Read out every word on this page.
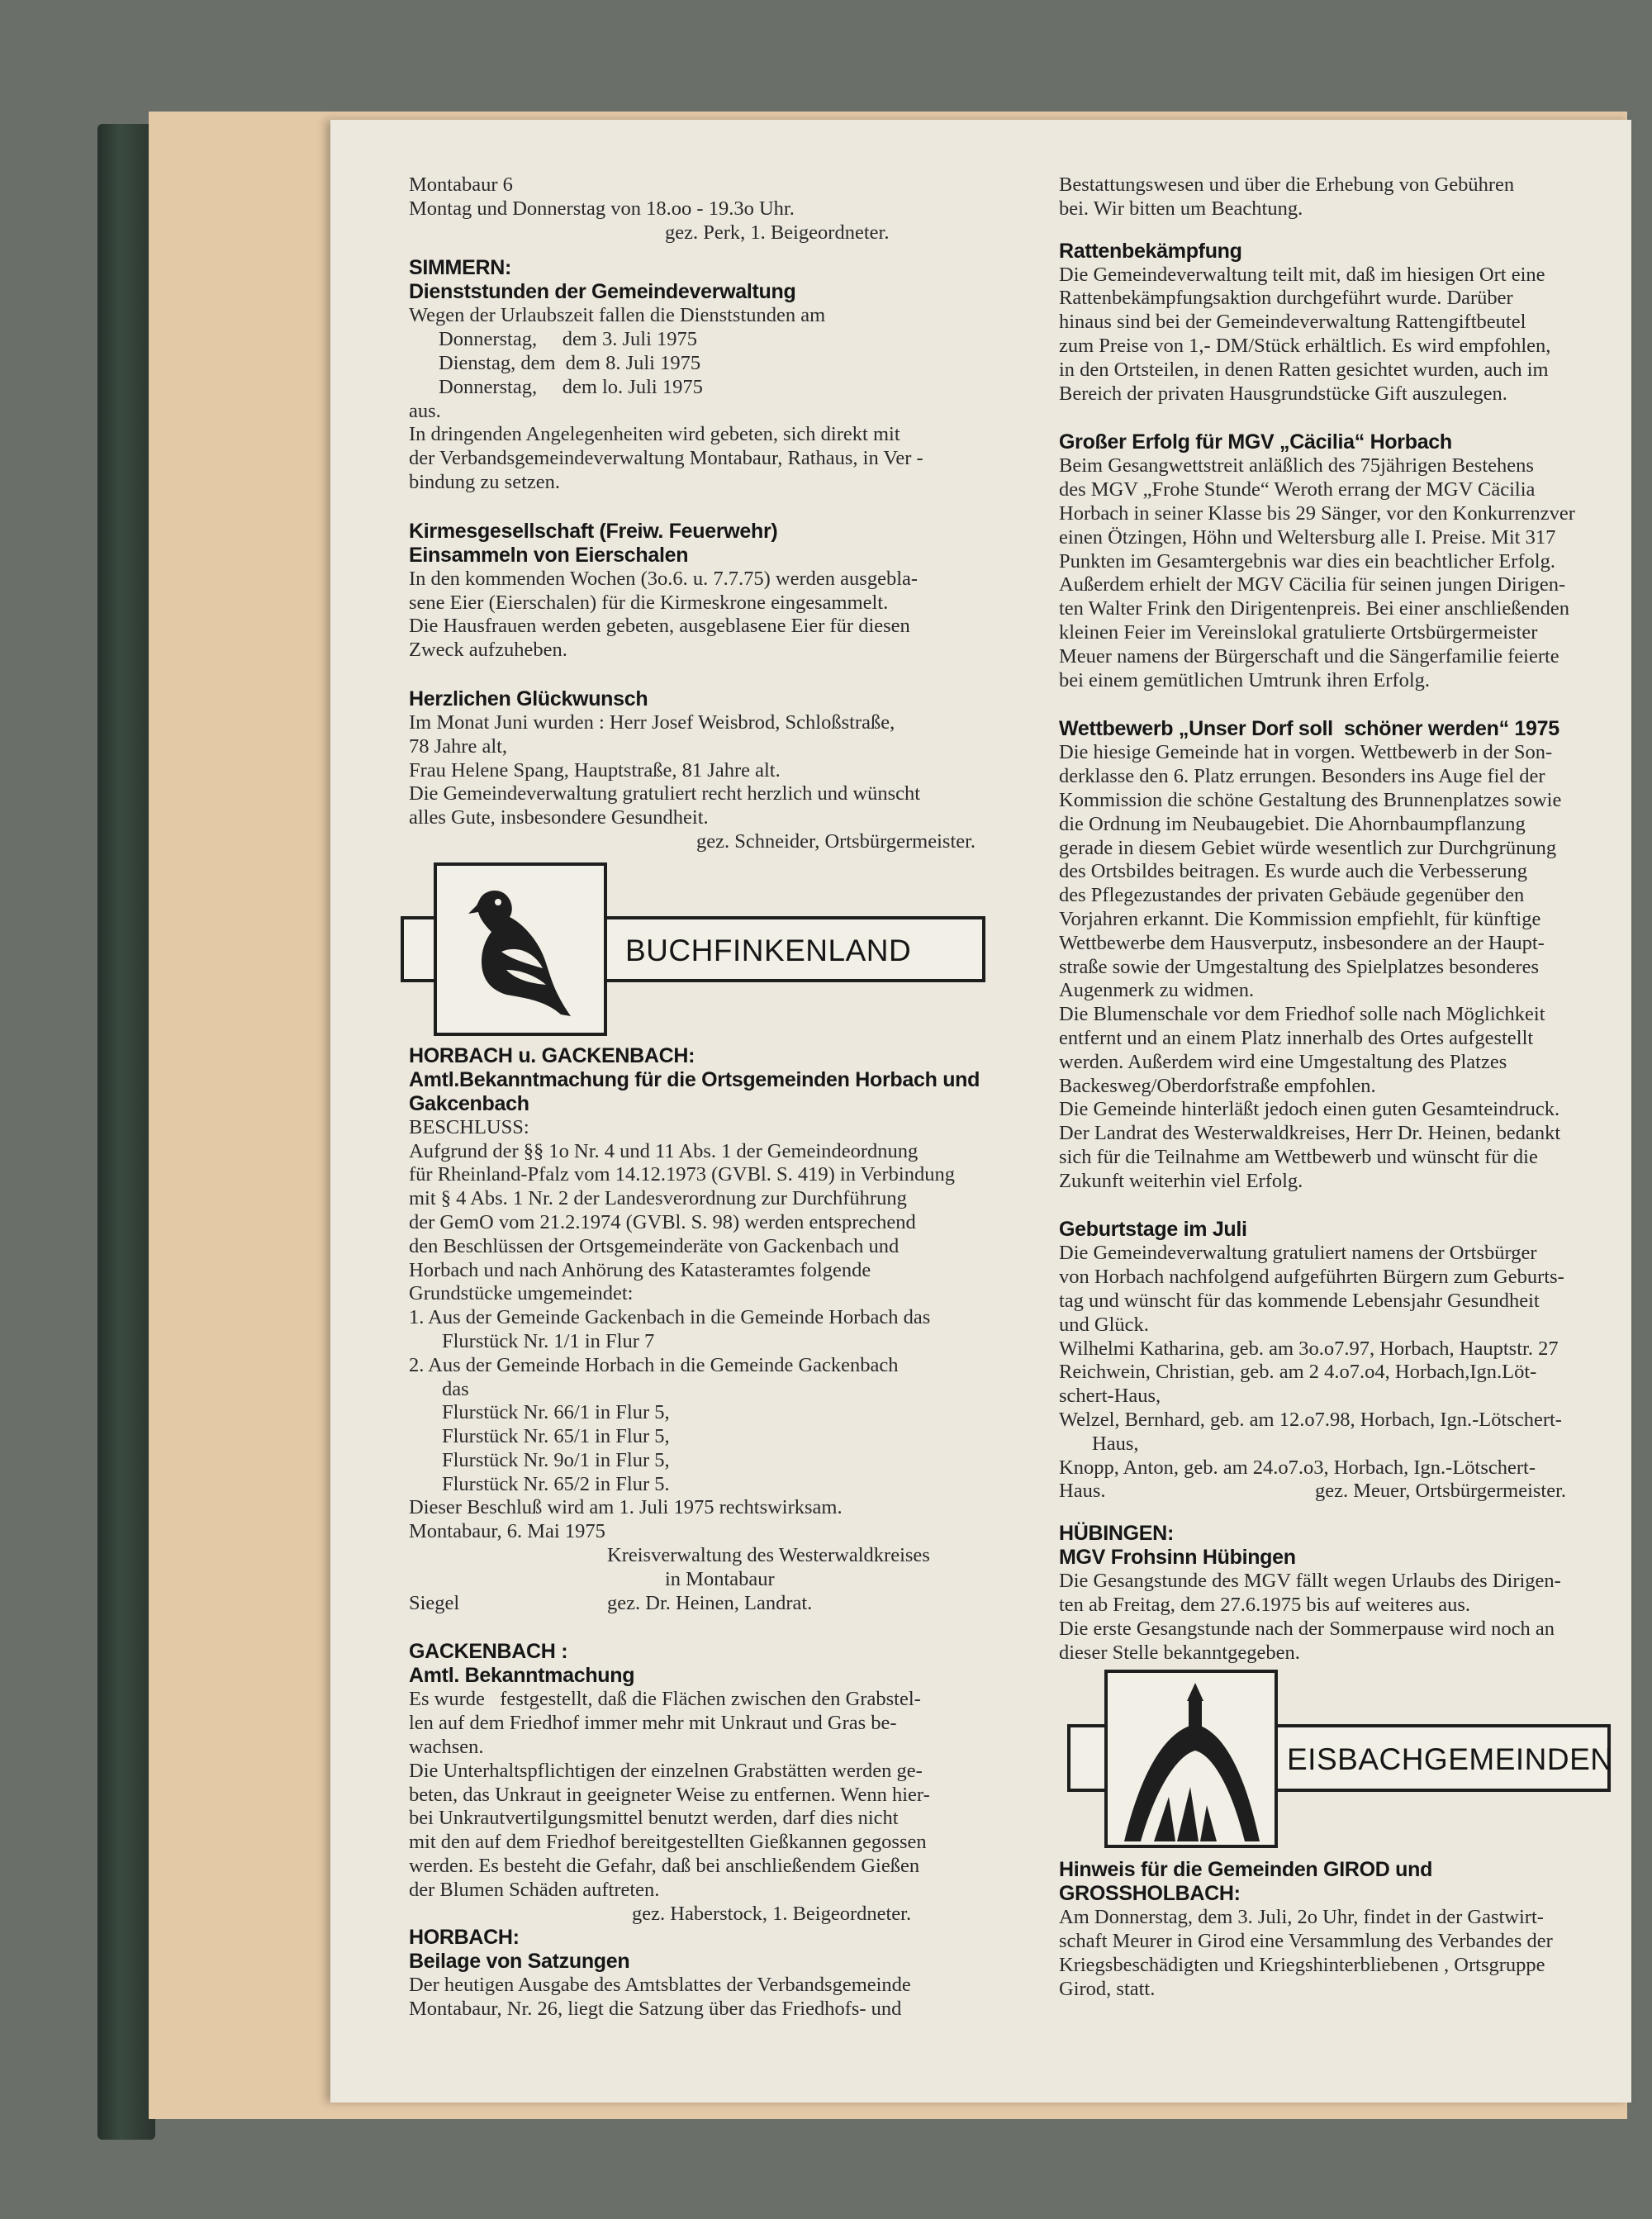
Montabaur 6

Montag und Donnerstag von 18.oo - 19.3o Uhr.

gez. Perk, 1. Beigeordneter.

SIMMERN:

Dienststunden der Gemeindeverwaltung

Wegen der Urlaubszeit fallen die Dienststunden am

Donnerstag,     dem 3. Juli 1975

Dienstag, dem  dem 8. Juli 1975

Donnerstag,     dem lo. Juli 1975

aus.

In dringenden Angelegenheiten wird gebeten, sich direkt mit

der Verbandsgemeindeverwaltung Montabaur, Rathaus, in Ver -

bindung zu setzen.

Kirmesgesellschaft (Freiw. Feuerwehr)

Einsammeln von Eierschalen

In den kommenden Wochen (3o.6. u. 7.7.75) werden ausgebla-

sene Eier (Eierschalen) für die Kirmeskrone eingesammelt.

Die Hausfrauen werden gebeten, ausgeblasene Eier für diesen

Zweck aufzuheben.

Herzlichen Glückwunsch

Im Monat Juni wurden : Herr Josef Weisbrod, Schloßstraße,

78 Jahre alt,

Frau Helene Spang, Hauptstraße, 81 Jahre alt.

Die Gemeindeverwaltung gratuliert recht herzlich und wünscht

alles Gute, insbesondere Gesundheit.

gez. Schneider, Ortsbürgermeister.

BUCHFINKENLAND

HORBACH u. GACKENBACH:

Amtl.Bekanntmachung für die Ortsgemeinden Horbach und

Gakcenbach

BESCHLUSS:

Aufgrund der §§ 1o Nr. 4 und 11 Abs. 1 der Gemeindeordnung

für Rheinland-Pfalz vom 14.12.1973 (GVBl. S. 419) in Verbindung

mit § 4 Abs. 1 Nr. 2 der Landesverordnung zur Durchführung

der GemO vom 21.2.1974 (GVBl. S. 98) werden entsprechend

den Beschlüssen der Ortsgemeinderäte von Gackenbach und

Horbach und nach Anhörung des Katasteramtes folgende

Grundstücke umgemeindet:

1. Aus der Gemeinde Gackenbach in die Gemeinde Horbach das

Flurstück Nr. 1/1 in Flur 7

2. Aus der Gemeinde Horbach in die Gemeinde Gackenbach

das

Flurstück Nr. 66/1 in Flur 5,

Flurstück Nr. 65/1 in Flur 5,

Flurstück Nr. 9o/1 in Flur 5,

Flurstück Nr. 65/2 in Flur 5.

Dieser Beschluß wird am 1. Juli 1975 rechtswirksam.

Montabaur, 6. Mai 1975

Kreisverwaltung des Westerwaldkreises

in Montabaur

Siegel	gez. Dr. Heinen, Landrat.

GACKENBACH :

Amtl. Bekanntmachung

Es wurde   festgestellt, daß die Flächen zwischen den Grabstel-

len auf dem Friedhof immer mehr mit Unkraut und Gras be-

wachsen.

Die Unterhaltspflichtigen der einzelnen Grabstätten werden ge-

beten, das Unkraut in geeigneter Weise zu entfernen. Wenn hier-

bei Unkrautvertilgungsmittel benutzt werden, darf dies nicht

mit den auf dem Friedhof bereitgestellten Gießkannen gegossen

werden. Es besteht die Gefahr, daß bei anschließendem Gießen

der Blumen Schäden auftreten.

gez. Haberstock, 1. Beigeordneter.

HORBACH:

Beilage von Satzungen

Der heutigen Ausgabe des Amtsblattes der Verbandsgemeinde

Montabaur, Nr. 26, liegt die Satzung über das Friedhofs- und

Bestattungswesen und über die Erhebung von Gebühren

bei. Wir bitten um Beachtung.

Rattenbekämpfung

Die Gemeindeverwaltung teilt mit, daß im hiesigen Ort eine

Rattenbekämpfungsaktion durchgeführt wurde. Darüber

hinaus sind bei der Gemeindeverwaltung Rattengiftbeutel

zum Preise von 1,- DM/Stück erhältlich. Es wird empfohlen,

in den Ortsteilen, in denen Ratten gesichtet wurden, auch im

Bereich der privaten Hausgrundstücke Gift auszulegen.

Großer Erfolg für MGV „Cäcilia“ Horbach

Beim Gesangwettstreit anläßlich des 75jährigen Bestehens

des MGV „Frohe Stunde“ Weroth errang der MGV Cäcilia

Horbach in seiner Klasse bis 29 Sänger, vor den Konkurrenzver

einen Ötzingen, Höhn und Weltersburg alle I. Preise. Mit 317

Punkten im Gesamtergebnis war dies ein beachtlicher Erfolg.

Außerdem erhielt der MGV Cäcilia für seinen jungen Dirigen-

ten Walter Frink den Dirigentenpreis. Bei einer anschließenden

kleinen Feier im Vereinslokal gratulierte Ortsbürgermeister

Meuer namens der Bürgerschaft und die Sängerfamilie feierte

bei einem gemütlichen Umtrunk ihren Erfolg.

Wettbewerb „Unser Dorf soll  schöner werden“ 1975

Die hiesige Gemeinde hat in vorgen. Wettbewerb in der Son-

derklasse den 6. Platz errungen. Besonders ins Auge fiel der

Kommission die schöne Gestaltung des Brunnenplatzes sowie

die Ordnung im Neubaugebiet. Die Ahornbaumpflanzung

gerade in diesem Gebiet würde wesentlich zur Durchgrünung

des Ortsbildes beitragen. Es wurde auch die Verbesserung

des Pflegezustandes der privaten Gebäude gegenüber den

Vorjahren erkannt. Die Kommission empfiehlt, für künftige

Wettbewerbe dem Hausverputz, insbesondere an der Haupt-

straße sowie der Umgestaltung des Spielplatzes besonderes

Augenmerk zu widmen.

Die Blumenschale vor dem Friedhof solle nach Möglichkeit

entfernt und an einem Platz innerhalb des Ortes aufgestellt

werden. Außerdem wird eine Umgestaltung des Platzes

Backesweg/Oberdorfstraße empfohlen.

Die Gemeinde hinterläßt jedoch einen guten Gesamteindruck.

Der Landrat des Westerwaldkreises, Herr Dr. Heinen, bedankt

sich für die Teilnahme am Wettbewerb und wünscht für die

Zukunft weiterhin viel Erfolg.

Geburtstage im Juli

Die Gemeindeverwaltung gratuliert namens der Ortsbürger

von Horbach nachfolgend aufgeführten Bürgern zum Geburts-

tag und wünscht für das kommende Lebensjahr Gesundheit

und Glück.

Wilhelmi Katharina, geb. am 3o.o7.97, Horbach, Hauptstr. 27

Reichwein, Christian, geb. am 2 4.o7.o4, Horbach,Ign.Löt-

schert-Haus,

Welzel, Bernhard, geb. am 12.o7.98, Horbach, Ign.-Lötschert-

Haus,

Knopp, Anton, geb. am 24.o7.o3, Horbach, Ign.-Lötschert-

Haus.	gez. Meuer, Ortsbürgermeister.

HÜBINGEN:

MGV Frohsinn Hübingen

Die Gesangstunde des MGV fällt wegen Urlaubs des Dirigen-

ten ab Freitag, dem 27.6.1975 bis auf weiteres aus.

Die erste Gesangstunde nach der Sommerpause wird noch an

dieser Stelle bekanntgegeben.

EISBACHGEMEINDEN

Hinweis für die Gemeinden GIROD und GROSSHOLBACH:

Am Donnerstag, dem 3. Juli, 2o Uhr, findet in der Gastwirt-

schaft Meurer in Girod eine Versammlung des Verbandes der

Kriegsbeschädigten und Kriegshinterbliebenen , Ortsgruppe

Girod, statt.
